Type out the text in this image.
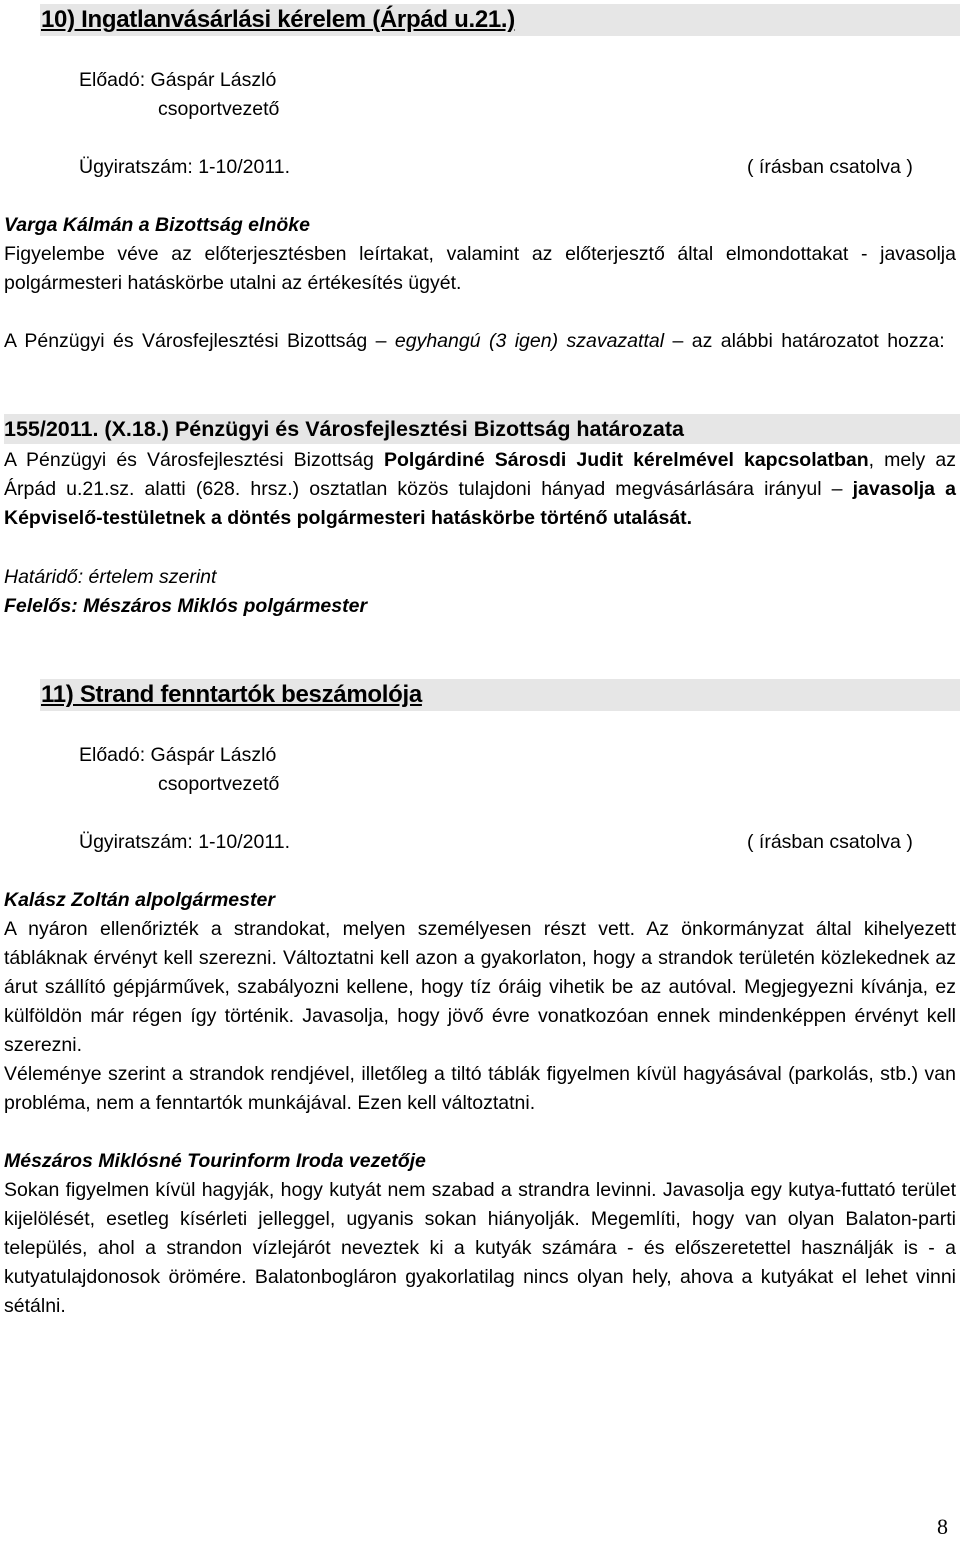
10) Ingatlanvásárlási kérelem (Árpád u.21.)
Előadó: Gáspár László
csoportvezető
Ügyiratszám: 1-10/2011.	( írásban csatolva )
Varga Kálmán a Bizottság elnöke
Figyelembe véve az előterjesztésben leírtakat, valamint az előterjesztő által elmondottakat - javasolja polgármesteri hatáskörbe utalni az értékesítés ügyét.
A Pénzügyi és Városfejlesztési Bizottság – egyhangú (3 igen) szavazattal – az alábbi határozatot hozza:
155/2011. (X.18.) Pénzügyi és Városfejlesztési Bizottság határozata
A Pénzügyi és Városfejlesztési Bizottság Polgárdiné Sárosdi Judit kérelmével kapcsolatban, mely az Árpád u.21.sz. alatti (628. hrsz.) osztatlan közös tulajdoni hányad megvásárlására irányul – javasolja a Képviselő-testületnek a döntés polgármesteri hatáskörbe történő utalását.
Határidő: értelem szerint
Felelős: Mészáros Miklós polgármester
11) Strand fenntartók beszámolója
Előadó: Gáspár László
csoportvezető
Ügyiratszám: 1-10/2011.	( írásban csatolva )
Kalász Zoltán alpolgármester
A nyáron ellenőrizték a strandokat, melyen személyesen részt vett. Az önkormányzat által kihelyezett tábláknak érvényt kell szerezni. Változtatni kell azon a gyakorlaton, hogy a strandok területén közlekednek az árut szállító gépjárművek, szabályozni kellene, hogy tíz óráig vihetik be az autóval. Megjegyezni kívánja, ez külföldön már régen így történik. Javasolja, hogy jövő évre vonatkozóan ennek mindenképpen érvényt kell szerezni.
Véleménye szerint a strandok rendjével, illetőleg a tiltó táblák figyelmen kívül hagyásával (parkolás, stb.) van probléma, nem a fenntartók munkájával. Ezen kell változtatni.
Mészáros Miklósné Tourinform Iroda vezetője
Sokan figyelmen kívül hagyják, hogy kutyát nem szabad a strandra levinni. Javasolja egy kutya-futtató terület kijelölését, esetleg kísérleti jelleggel, ugyanis sokan hiányolják. Megemlíti, hogy van olyan Balaton-parti település, ahol a strandon vízlejárót neveztek ki a kutyák számára - és előszeretettel használják is - a kutyatulajdonosok örömére. Balatonbogláron gyakorlatilag nincs olyan hely, ahova a kutyákat el lehet vinni sétálni.
8
